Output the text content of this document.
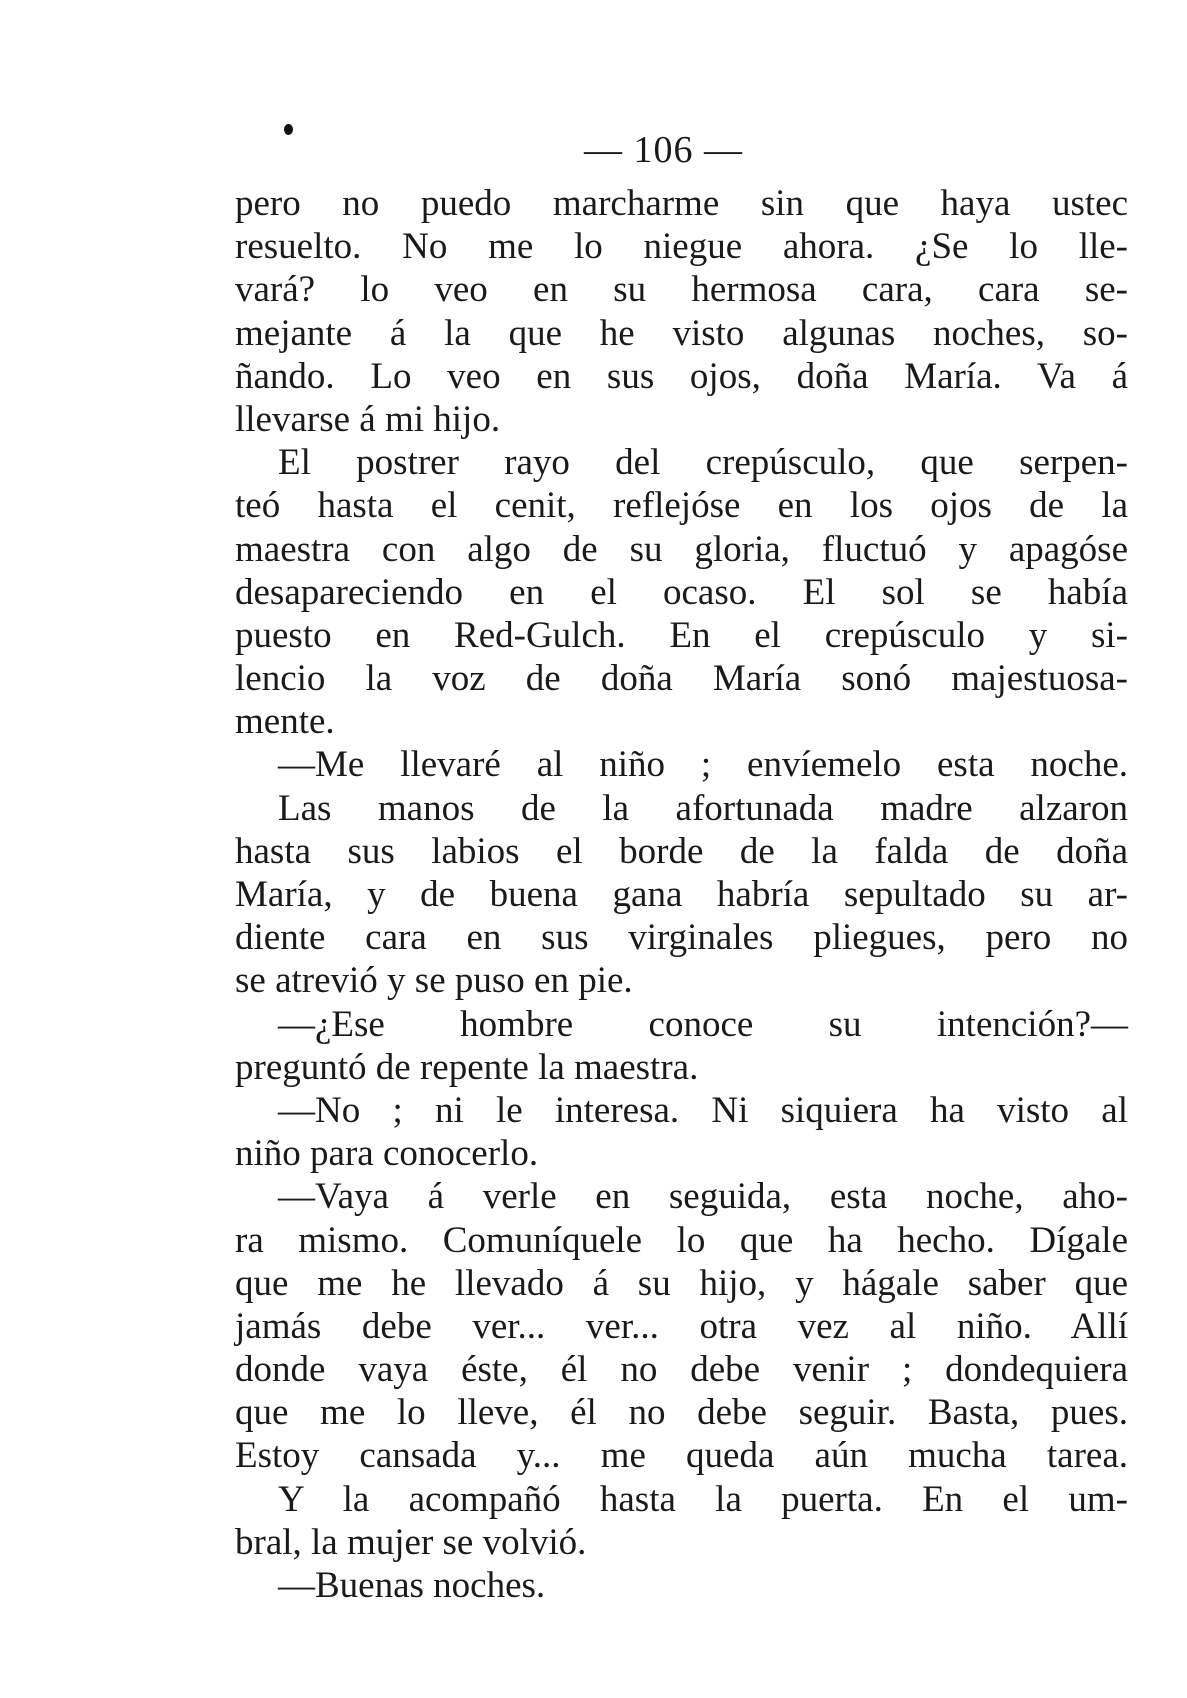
— 106 —
pero no puedo marcharme sin que haya ustec
resuelto. No me lo niegue ahora. ¿Se lo lle-
vará? lo veo en su hermosa cara, cara se-
mejante á la que he visto algunas noches, so-
ñando. Lo veo en sus ojos, doña María. Va á
llevarse á mi hijo.
El postrer rayo del crepúsculo, que serpen-
teó hasta el cenit, reflejóse en los ojos de la
maestra con algo de su gloria, fluctuó y apagóse
desapareciendo en el ocaso. El sol se había
puesto en Red-Gulch. En el crepúsculo y si-
lencio la voz de doña María sonó majestuosa-
mente.
—Me llevaré al niño ; envíemelo esta noche.
Las manos de la afortunada madre alzaron
hasta sus labios el borde de la falda de doña
María, y de buena gana habría sepultado su ar-
diente cara en sus virginales pliegues, pero no
se atrevió y se puso en pie.
—¿Ese hombre conoce su intención?—
preguntó de repente la maestra.
—No ; ni le interesa. Ni siquiera ha visto al
niño para conocerlo.
—Vaya á verle en seguida, esta noche, aho-
ra mismo. Comuníquele lo que ha hecho. Dígale
que me he llevado á su hijo, y hágale saber que
jamás debe ver... ver... otra vez al niño. Allí
donde vaya éste, él no debe venir ; dondequiera
que me lo lleve, él no debe seguir. Basta, pues.
Estoy cansada y... me queda aún mucha tarea.
Y la acompañó hasta la puerta. En el um-
bral, la mujer se volvió.
—Buenas noches.
